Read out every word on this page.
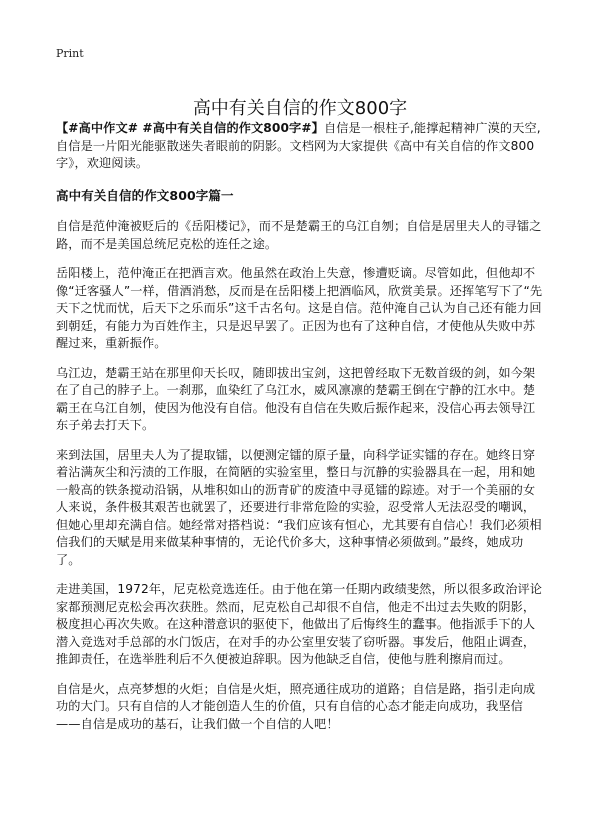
Print
高中有关自信的作文800字

【#高中作文# #高中有关自信的作文800字#】自信是一根柱子,能撑起精神广漠的天空,自信是一片阳光能驱散迷失者眼前的阴影。文档网为大家提供《高中有关自信的作文800字》，欢迎阅读。

高中有关自信的作文800字篇一

自信是范仲淹被贬后的《岳阳楼记》，而不是楚霸王的乌江自刎；自信是居里夫人的寻镭之路，而不是美国总统尼克松的连任之途。

岳阳楼上，范仲淹正在把酒言欢。他虽然在政治上失意，惨遭贬谪。尽管如此，但他却不像“迁客骚人”一样，借酒消愁，反而是在岳阳楼上把酒临风，欣赏美景。还挥笔写下了“先天下之忧而忧，后天下之乐而乐”这千古名句。这是自信。范仲淹自己认为自己还有能力回到朝廷，有能力为百姓作主，只是迟早罢了。正因为也有了这种自信，才使他从失败中苏醒过来，重新振作。

乌江边，楚霸王站在那里仰天长叹，随即拔出宝剑，这把曾经取下无数首级的剑，如今架在了自己的脖子上。一刹那，血染红了乌江水，威风凛凛的楚霸王倒在宁静的江水中。楚霸王在乌江自刎，使因为他没有自信。他没有自信在失败后振作起来，没信心再去领导江东子弟去打天下。

来到法国，居里夫人为了提取镭，以便测定镭的原子量，向科学证实镭的存在。她终日穿着沾满灰尘和污渍的工作服，在简陋的实验室里，整日与沉静的实验器具在一起，用和她一般高的铁条搅动沿锅，从堆积如山的沥青矿的废渣中寻觅镭的踪迹。对于一个美丽的女人来说，条件极其艰苦也就罢了，还要进行非常危险的实验，忍受常人无法忍受的嘲讽，但她心里却充满自信。她经常对搭档说：“我们应该有恒心，尤其要有自信心！我们必须相信我们的天赋是用来做某种事情的，无论代价多大，这种事情必须做到。”最终，她成功了。

走进美国，1972年，尼克松竞选连任。由于他在第一任期内政绩斐然，所以很多政治评论家都预测尼克松会再次获胜。然而，尼克松自己却很不自信，他走不出过去失败的阴影，极度担心再次失败。在这种潜意识的驱使下，他做出了后悔终生的蠢事。他指派手下的人潜入竞选对手总部的水门饭店，在对手的办公室里安装了窃听器。事发后，他阻止调查，推卸责任，在选举胜利后不久便被迫辞职。因为他缺乏自信，使他与胜利擦肩而过。

自信是火，点亮梦想的火炬；自信是火炬，照亮通往成功的道路；自信是路，指引走向成功的大门。只有自信的人才能创造人生的价值，只有自信的心态才能走向成功，我坚信——自信是成功的基石，让我们做一个自信的人吧！
